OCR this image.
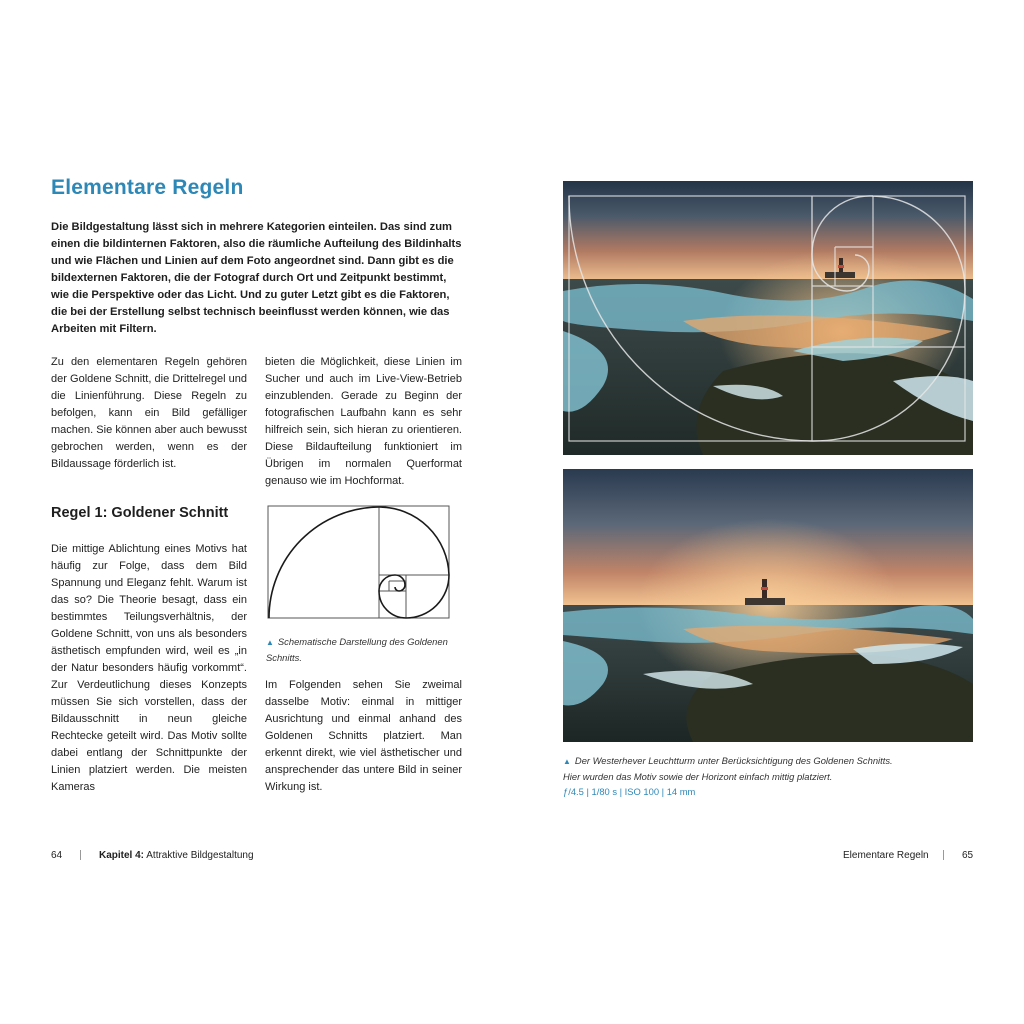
Elementare Regeln

Die Bildgestaltung lässt sich in mehrere Kategorien einteilen. Das sind zum einen die bildinternen Faktoren, also die räumliche Aufteilung des Bildinhalts und wie Flächen und Linien auf dem Foto angeordnet sind. Dann gibt es die bildexternen Faktoren, die der Fotograf durch Ort und Zeitpunkt bestimmt, wie die Perspektive oder das Licht. Und zu guter Letzt gibt es die Faktoren, die bei der Erstellung selbst technisch beeinflusst werden können, wie das Arbeiten mit Filtern.

Zu den elementaren Regeln gehören der Goldene Schnitt, die Drittelregel und die Linienführung. Diese Regeln zu befolgen, kann ein Bild gefälliger machen. Sie können aber auch bewusst gebrochen werden, wenn es der Bildaussage förderlich ist.

bieten die Möglichkeit, diese Linien im Sucher und auch im Live-View-Betrieb einzublenden. Gerade zu Beginn der fotografischen Laufbahn kann es sehr hilfreich sein, sich hieran zu orientieren. Diese Bildaufteilung funktioniert im Übrigen im normalen Querformat genauso wie im Hochformat.

Regel 1: Goldener Schnitt

Die mittige Ablichtung eines Motivs hat häufig zur Folge, dass dem Bild Spannung und Eleganz fehlt. Warum ist das so? Die Theorie besagt, dass ein bestimmtes Teilungsverhältnis, der Goldene Schnitt, von uns als besonders ästhetisch empfunden wird, weil es „in der Natur besonders häufig vorkommt“. Zur Verdeutlichung dieses Konzepts müssen Sie sich vorstellen, dass der Bildausschnitt in neun gleiche Rechtecke geteilt wird. Das Motiv sollte dabei entlang der Schnittpunkte der Linien platziert werden. Die meisten Kameras

▲ Schematische Darstellung des Goldenen Schnitts.

Im Folgenden sehen Sie zweimal dasselbe Motiv: einmal in mittiger Ausrichtung und einmal anhand des Goldenen Schnitts platziert. Man erkennt direkt, wie viel ästhetischer und ansprechender das untere Bild in seiner Wirkung ist.

64	Kapitel 4: Attraktive Bildgestaltung

▲ Der Westerhever Leuchtturm unter Berücksichtigung des Goldenen Schnitts.
Hier wurden das Motiv sowie der Horizont einfach mittig platziert.

ƒ/4.5 | 1/80 s | ISO 100 | 14 mm

Elementare Regeln	65
